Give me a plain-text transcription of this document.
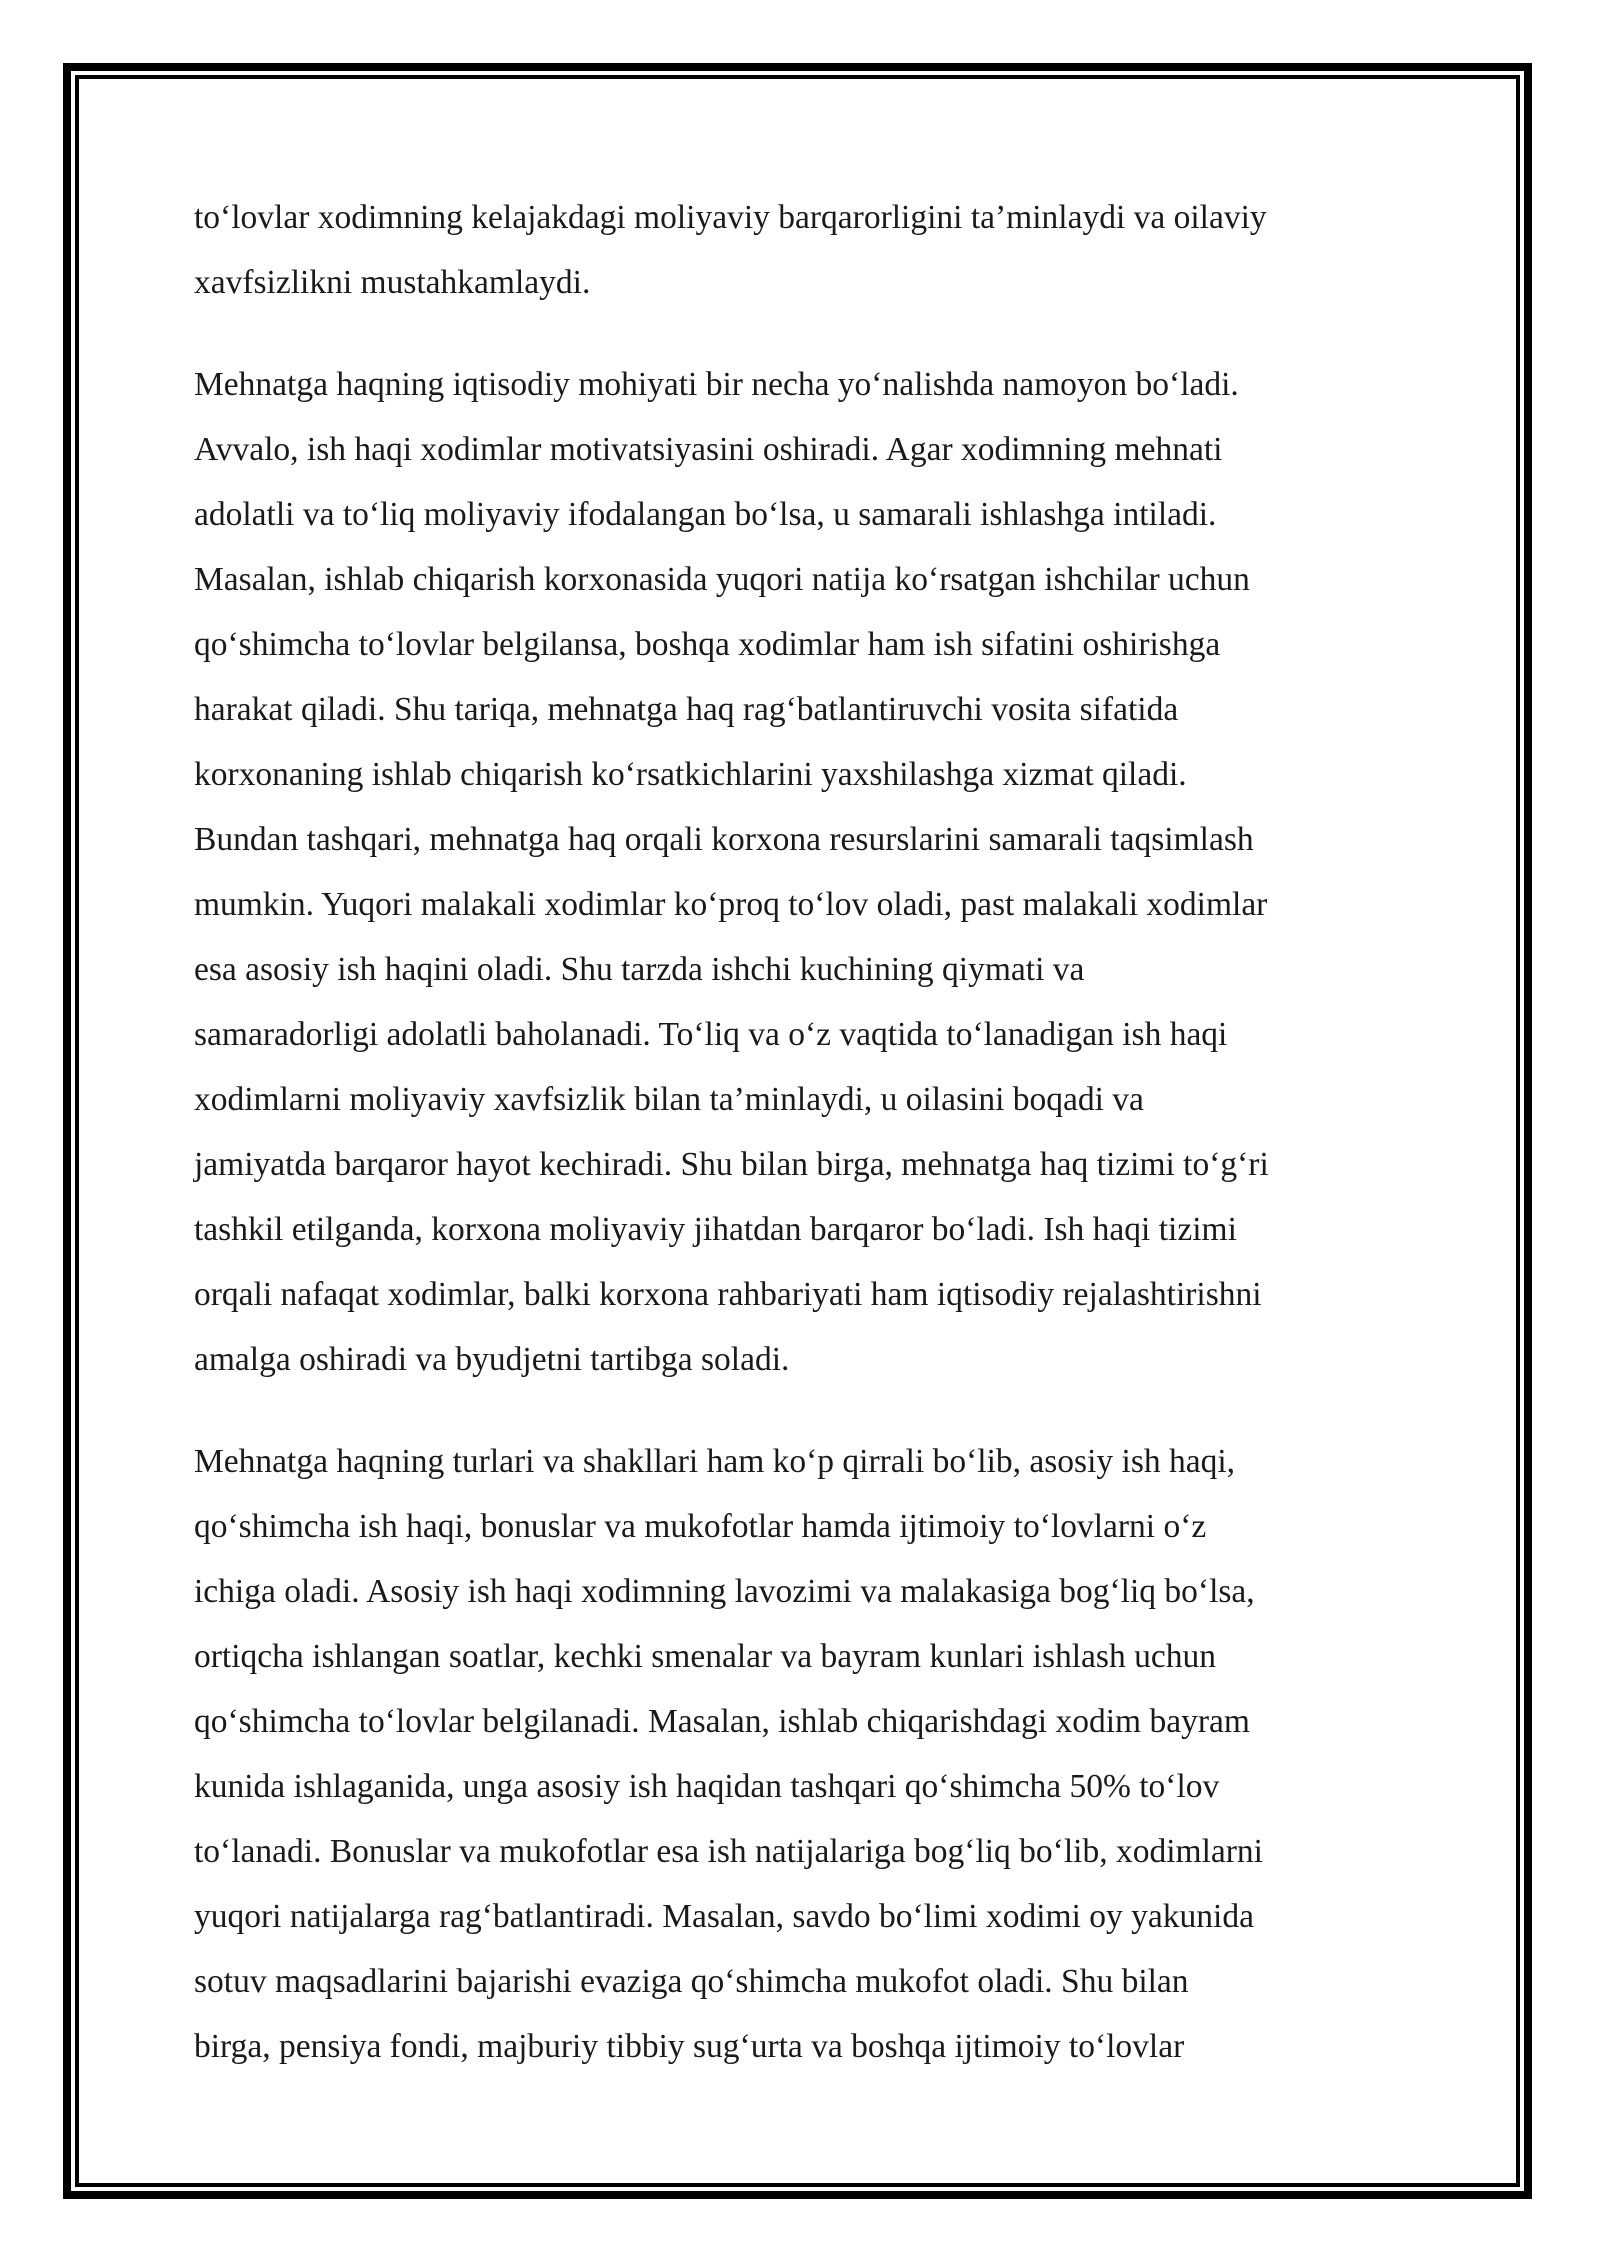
to‘lovlar xodimning kelajakdagi moliyaviy barqarorligini ta’minlaydi va oilaviy
xavfsizlikni mustahkamlaydi.

Mehnatga haqning iqtisodiy mohiyati bir necha yo‘nalishda namoyon bo‘ladi.
Avvalo, ish haqi xodimlar motivatsiyasini oshiradi. Agar xodimning mehnati
adolatli va to‘liq moliyaviy ifodalangan bo‘lsa, u samarali ishlashga intiladi.
Masalan, ishlab chiqarish korxonasida yuqori natija ko‘rsatgan ishchilar uchun
qo‘shimcha to‘lovlar belgilansa, boshqa xodimlar ham ish sifatini oshirishga
harakat qiladi. Shu tariqa, mehnatga haq rag‘batlantiruvchi vosita sifatida
korxonaning ishlab chiqarish ko‘rsatkichlarini yaxshilashga xizmat qiladi.
Bundan tashqari, mehnatga haq orqali korxona resurslarini samarali taqsimlash
mumkin. Yuqori malakali xodimlar ko‘proq to‘lov oladi, past malakali xodimlar
esa asosiy ish haqini oladi. Shu tarzda ishchi kuchining qiymati va
samaradorligi adolatli baholanadi. To‘liq va o‘z vaqtida to‘lanadigan ish haqi
xodimlarni moliyaviy xavfsizlik bilan ta’minlaydi, u oilasini boqadi va
jamiyatda barqaror hayot kechiradi. Shu bilan birga, mehnatga haq tizimi to‘g‘ri
tashkil etilganda, korxona moliyaviy jihatdan barqaror bo‘ladi. Ish haqi tizimi
orqali nafaqat xodimlar, balki korxona rahbariyati ham iqtisodiy rejalashtirishni
amalga oshiradi va byudjetni tartibga soladi.

Mehnatga haqning turlari va shakllari ham ko‘p qirrali bo‘lib, asosiy ish haqi,
qo‘shimcha ish haqi, bonuslar va mukofotlar hamda ijtimoiy to‘lovlarni o‘z
ichiga oladi. Asosiy ish haqi xodimning lavozimi va malakasiga bog‘liq bo‘lsa,
ortiqcha ishlangan soatlar, kechki smenalar va bayram kunlari ishlash uchun
qo‘shimcha to‘lovlar belgilanadi. Masalan, ishlab chiqarishdagi xodim bayram
kunida ishlaganida, unga asosiy ish haqidan tashqari qo‘shimcha 50% to‘lov
to‘lanadi. Bonuslar va mukofotlar esa ish natijalariga bog‘liq bo‘lib, xodimlarni
yuqori natijalarga rag‘batlantiradi. Masalan, savdo bo‘limi xodimi oy yakunida
sotuv maqsadlarini bajarishi evaziga qo‘shimcha mukofot oladi. Shu bilan
birga, pensiya fondi, majburiy tibbiy sug‘urta va boshqa ijtimoiy to‘lovlar
